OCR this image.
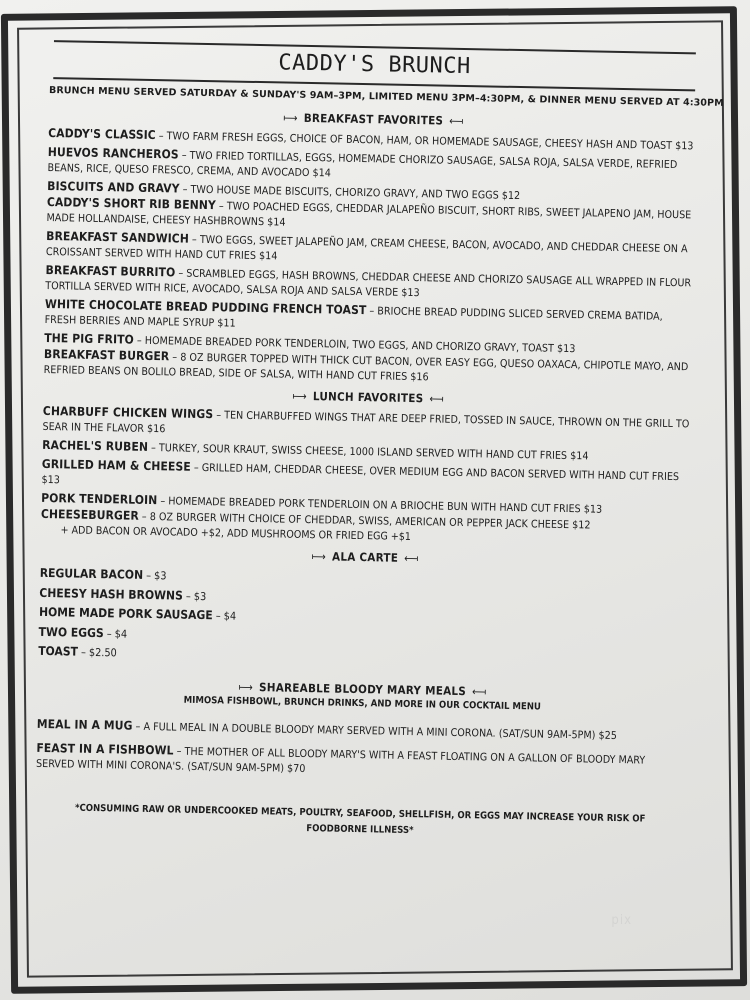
CADDY'S BRUNCH
BRUNCH MENU SERVED SATURDAY & SUNDAY'S 9AM–3PM, LIMITED MENU 3PM–4:30PM, & DINNER MENU SERVED AT 4:30PM
⟼ BREAKFAST FAVORITES ⟻
CADDY'S CLASSIC – TWO FARM FRESH EGGS, CHOICE OF BACON, HAM, OR HOMEMADE SAUSAGE, CHEESY HASH AND TOAST $13
HUEVOS RANCHEROS – TWO FRIED TORTILLAS, EGGS, HOMEMADE CHORIZO SAUSAGE, SALSA ROJA, SALSA VERDE, REFRIED BEANS, RICE, QUESO FRESCO, CREMA, AND AVOCADO $14
BISCUITS AND GRAVY – TWO HOUSE MADE BISCUITS, CHORIZO GRAVY, AND TWO EGGS $12
CADDY'S SHORT RIB BENNY – TWO POACHED EGGS, CHEDDAR JALAPEÑO BISCUIT, SHORT RIBS, SWEET JALAPENO JAM, HOUSE MADE HOLLANDAISE, CHEESY HASHBROWNS $14
BREAKFAST SANDWICH – TWO EGGS, SWEET JALAPEÑO JAM, CREAM CHEESE, BACON, AVOCADO, AND CHEDDAR CHEESE ON A CROISSANT SERVED WITH HAND CUT FRIES $14
BREAKFAST BURRITO – SCRAMBLED EGGS, HASH BROWNS, CHEDDAR CHEESE AND CHORIZO SAUSAGE ALL WRAPPED IN FLOUR TORTILLA SERVED WITH RICE, AVOCADO, SALSA ROJA AND SALSA VERDE $13
WHITE CHOCOLATE BREAD PUDDING FRENCH TOAST – BRIOCHE BREAD PUDDING SLICED SERVED CREMA BATIDA, FRESH BERRIES AND MAPLE SYRUP $11
THE PIG FRITO – HOMEMADE BREADED PORK TENDERLOIN, TWO EGGS, AND CHORIZO GRAVY, TOAST $13
BREAKFAST BURGER – 8 OZ BURGER TOPPED WITH THICK CUT BACON, OVER EASY EGG, QUESO OAXACA, CHIPOTLE MAYO, AND REFRIED BEANS ON BOLILO BREAD, SIDE OF SALSA, WITH HAND CUT FRIES $16
⟼ LUNCH FAVORITES ⟻
CHARBUFF CHICKEN WINGS – TEN CHARBUFFED WINGS THAT ARE DEEP FRIED, TOSSED IN SAUCE, THROWN ON THE GRILL TO SEAR IN THE FLAVOR $16
RACHEL'S RUBEN – TURKEY, SOUR KRAUT, SWISS CHEESE, 1000 ISLAND SERVED WITH HAND CUT FRIES $14
GRILLED HAM & CHEESE – GRILLED HAM, CHEDDAR CHEESE, OVER MEDIUM EGG AND BACON SERVED WITH HAND CUT FRIES $13
PORK TENDERLOIN – HOMEMADE BREADED PORK TENDERLOIN ON A BRIOCHE BUN WITH HAND CUT FRIES $13
CHEESEBURGER – 8 OZ BURGER WITH CHOICE OF CHEDDAR, SWISS, AMERICAN OR PEPPER JACK CHEESE $12
+ ADD BACON OR AVOCADO +$2, ADD MUSHROOMS OR FRIED EGG +$1
⟼ ALA CARTE ⟻
REGULAR BACON – $3
CHEESY HASH BROWNS – $3
HOME MADE PORK SAUSAGE – $4
TWO EGGS – $4
TOAST – $2.50
⟼ SHAREABLE BLOODY MARY MEALS ⟻
MIMOSA FISHBOWL, BRUNCH DRINKS, AND MORE IN OUR COCKTAIL MENU
MEAL IN A MUG – A FULL MEAL IN A DOUBLE BLOODY MARY SERVED WITH A MINI CORONA. (SAT/SUN 9AM-5PM) $25
FEAST IN A FISHBOWL – THE MOTHER OF ALL BLOODY MARY'S WITH A FEAST FLOATING ON A GALLON OF BLOODY MARY SERVED WITH MINI CORONA'S. (SAT/SUN 9AM-5PM) $70
*CONSUMING RAW OR UNDERCOOKED MEATS, POULTRY, SEAFOOD, SHELLFISH, OR EGGS MAY INCREASE YOUR RISK OF FOODBORNE ILLNESS*
pix
